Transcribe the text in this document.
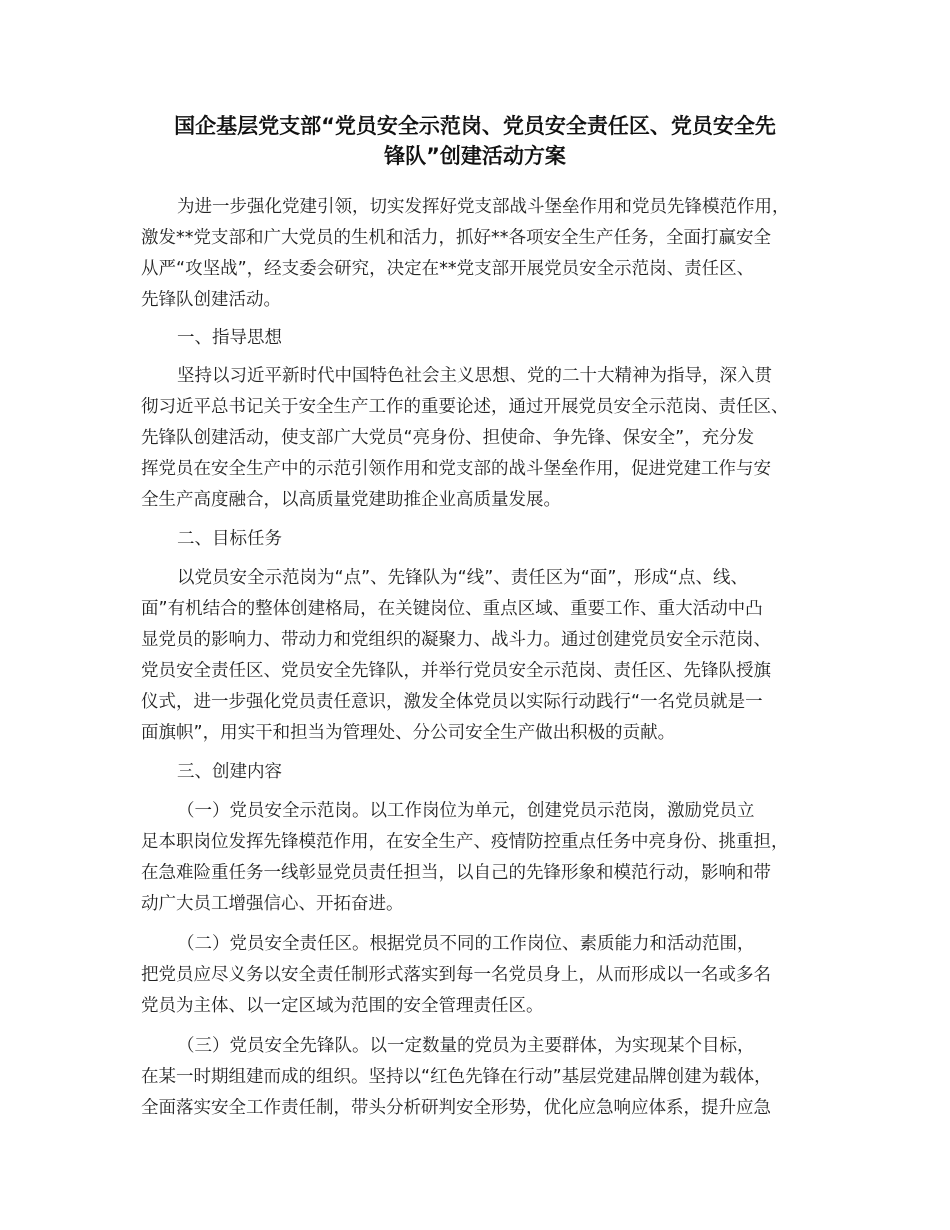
国企基层党支部“党员安全示范岗、党员安全责任区、党员安全先
锋队”创建活动方案
为进一步强化党建引领，切实发挥好党支部战斗堡垒作用和党员先锋模范作用，
激发**党支部和广大党员的生机和活力，抓好**各项安全生产任务，全面打赢安全
从严“攻坚战”，经支委会研究，决定在**党支部开展党员安全示范岗、责任区、
先锋队创建活动。
一、指导思想
坚持以习近平新时代中国特色社会主义思想、党的二十大精神为指导，深入贯
彻习近平总书记关于安全生产工作的重要论述，通过开展党员安全示范岗、责任区、
先锋队创建活动，使支部广大党员“亮身份、担使命、争先锋、保安全”，充分发
挥党员在安全生产中的示范引领作用和党支部的战斗堡垒作用，促进党建工作与安
全生产高度融合，以高质量党建助推企业高质量发展。
二、目标任务
以党员安全示范岗为“点”、先锋队为“线”、责任区为“面”，形成“点、线、
面”有机结合的整体创建格局，在关键岗位、重点区域、重要工作、重大活动中凸
显党员的影响力、带动力和党组织的凝聚力、战斗力。通过创建党员安全示范岗、
党员安全责任区、党员安全先锋队，并举行党员安全示范岗、责任区、先锋队授旗
仪式，进一步强化党员责任意识，激发全体党员以实际行动践行“一名党员就是一
面旗帜”，用实干和担当为管理处、分公司安全生产做出积极的贡献。
三、创建内容
（一）党员安全示范岗。以工作岗位为单元，创建党员示范岗，激励党员立
足本职岗位发挥先锋模范作用，在安全生产、疫情防控重点任务中亮身份、挑重担，
在急难险重任务一线彰显党员责任担当，以自己的先锋形象和模范行动，影响和带
动广大员工增强信心、开拓奋进。
（二）党员安全责任区。根据党员不同的工作岗位、素质能力和活动范围，
把党员应尽义务以安全责任制形式落实到每一名党员身上，从而形成以一名或多名
党员为主体、以一定区域为范围的安全管理责任区。
（三）党员安全先锋队。以一定数量的党员为主要群体，为实现某个目标，
在某一时期组建而成的组织。坚持以“红色先锋在行动”基层党建品牌创建为载体，
全面落实安全工作责任制，带头分析研判安全形势，优化应急响应体系，提升应急
